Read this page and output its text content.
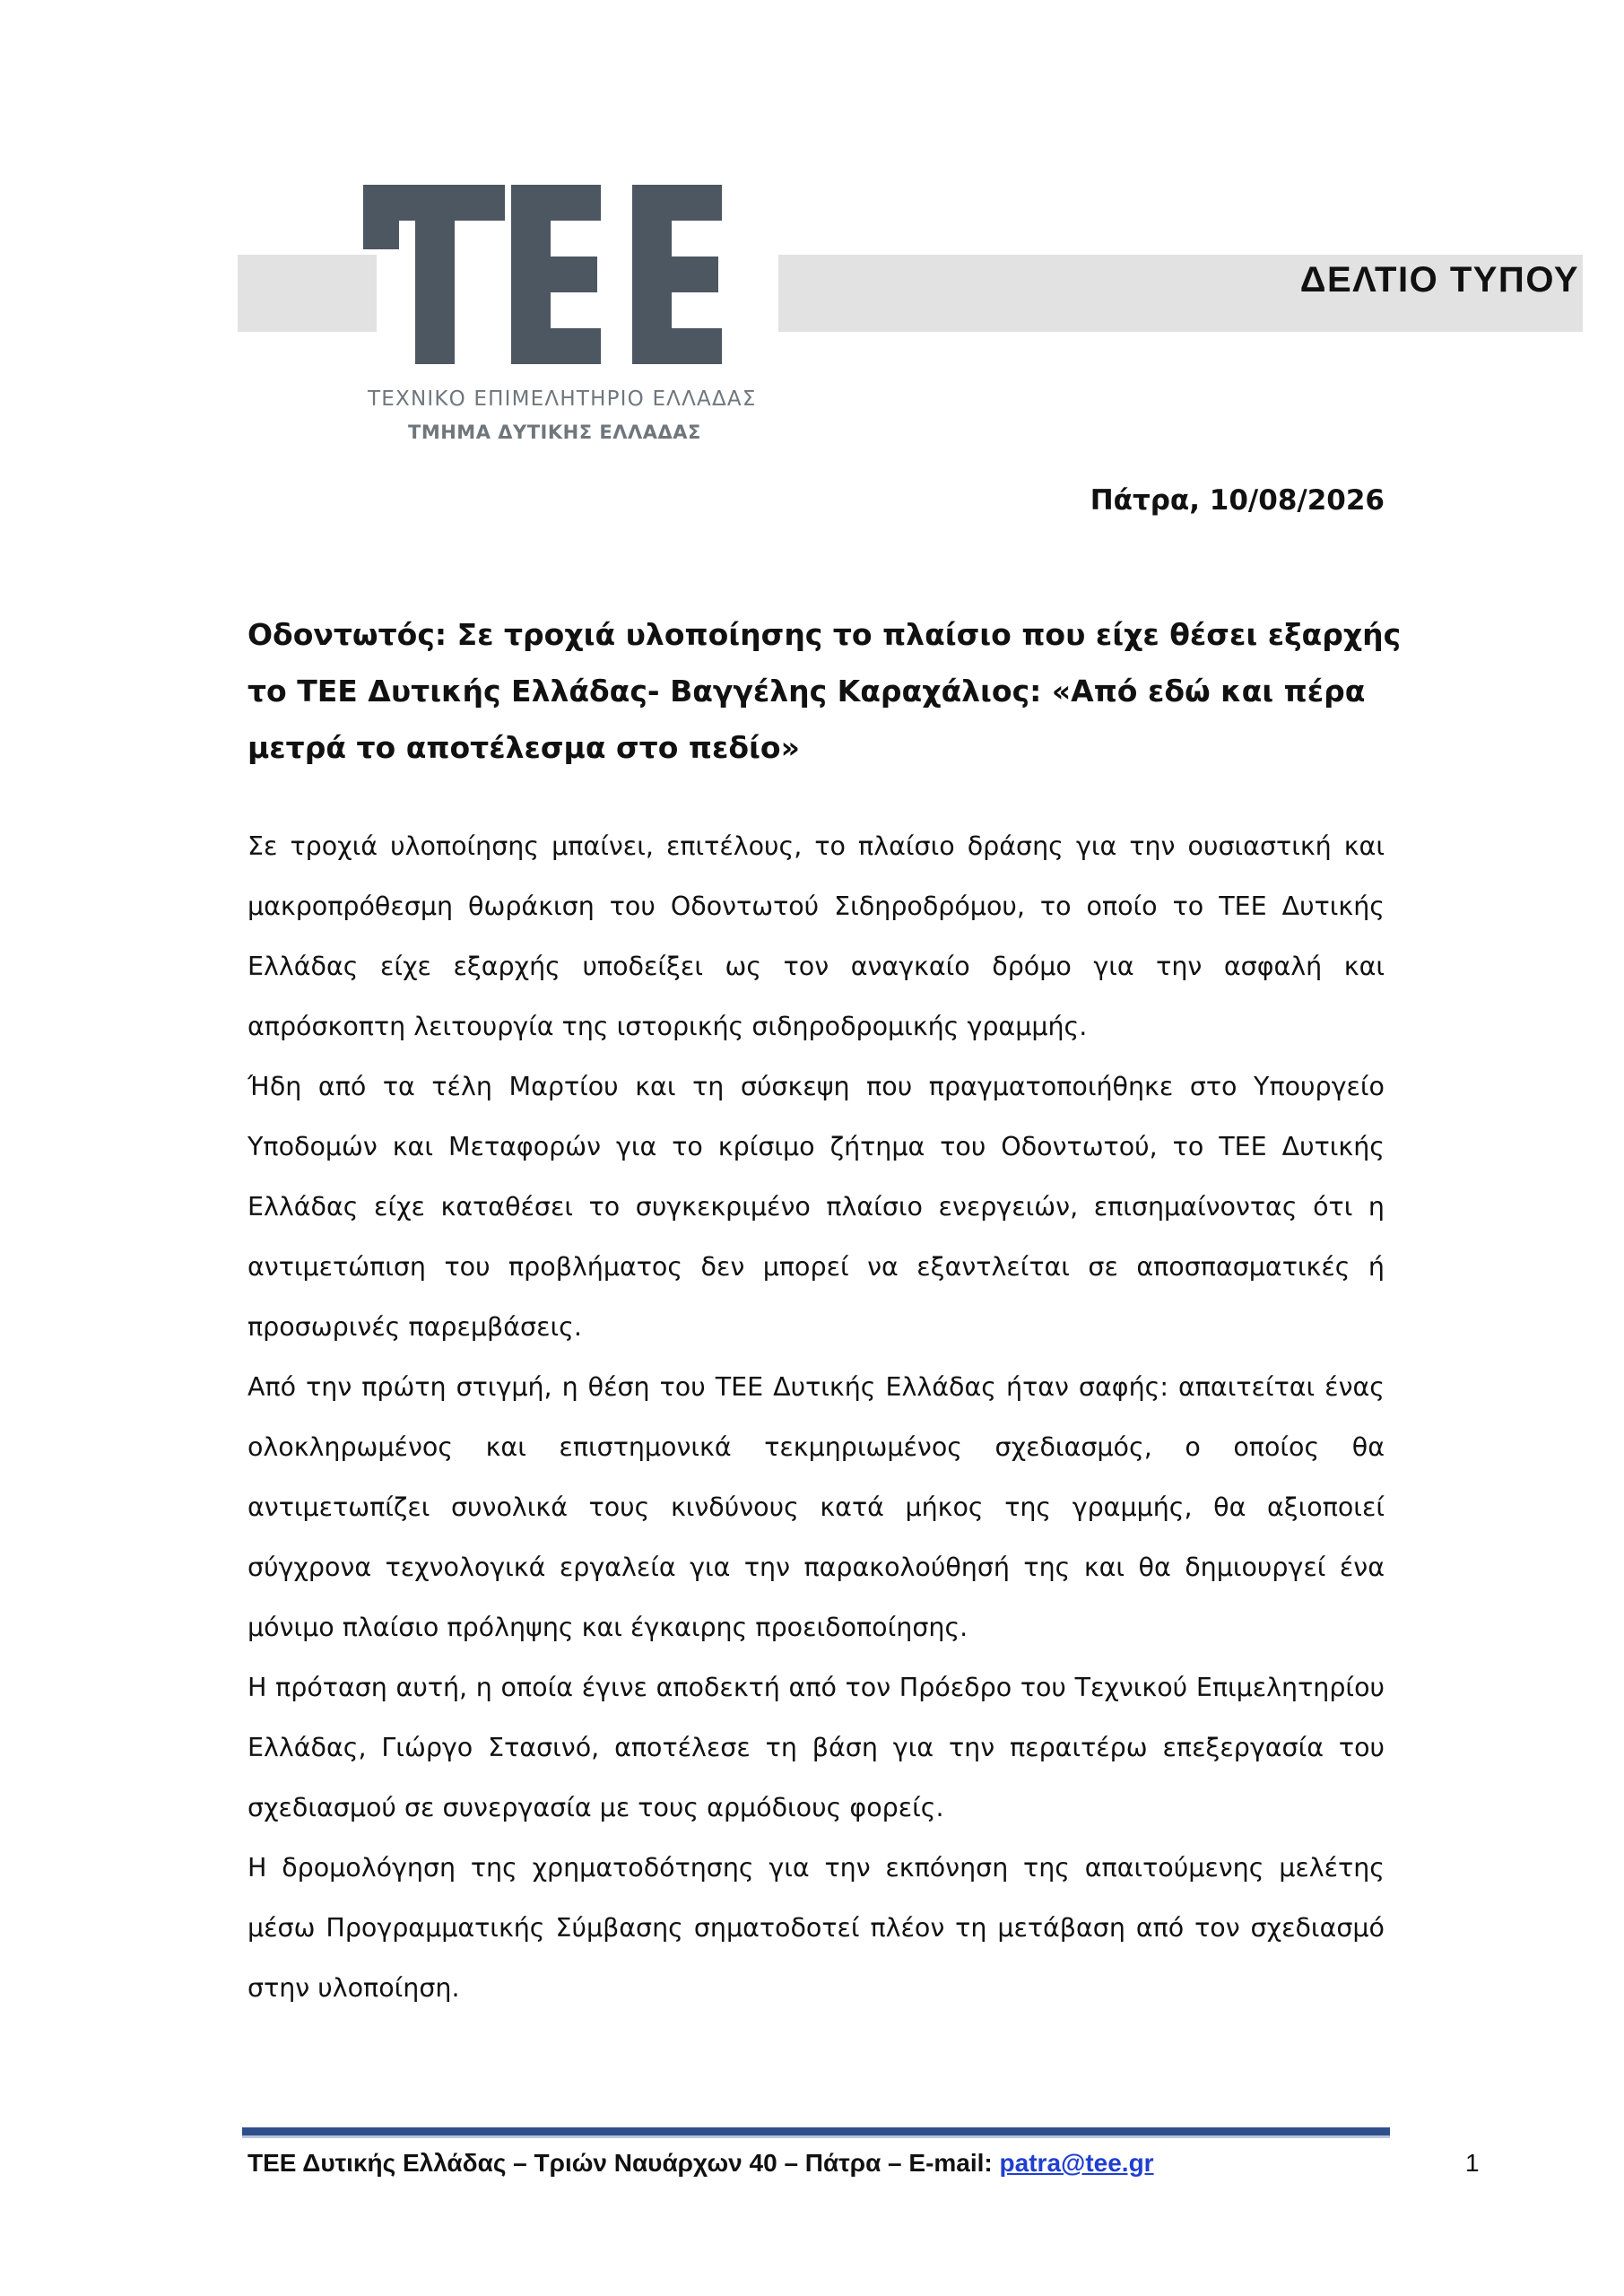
ΤΕΧΝΙΚΟ ΕΠΙΜΕΛΗΤΗΡΙΟ ΕΛΛΑΔΑΣ
ΤΜΗΜΑ ΔΥΤΙΚΗΣ ΕΛΛΑΔΑΣ
ΔΕΛΤΙΟ ΤΥΠΟΥ
Πάτρα, 10/08/2026
Οδοντωτός: Σε τροχιά υλοποίησης το πλαίσιο που είχε θέσει εξαρχής το ΤΕΕ Δυτικής Ελλάδας- Βαγγέλης Καραχάλιος: «Από εδώ και πέρα μετρά το αποτέλεσμα στο πεδίο»

Σε τροχιά υλοποίησης μπαίνει, επιτέλους, το πλαίσιο δράσης για την ουσιαστική και μακροπρόθεσμη θωράκιση του Οδοντωτού Σιδηροδρόμου, το οποίο το ΤΕΕ Δυτικής Ελλάδας είχε εξαρχής υποδείξει ως τον αναγκαίο δρόμο για την ασφαλή και απρόσκοπτη λειτουργία της ιστορικής σιδηροδρομικής γραμμής.

Ήδη από τα τέλη Μαρτίου και τη σύσκεψη που πραγματοποιήθηκε στο Υπουργείο Υποδομών και Μεταφορών για το κρίσιμο ζήτημα του Οδοντωτού, το ΤΕΕ Δυτικής Ελλάδας είχε καταθέσει το συγκεκριμένο πλαίσιο ενεργειών, επισημαίνοντας ότι η αντιμετώπιση του προβλήματος δεν μπορεί να εξαντλείται σε αποσπασματικές ή προσωρινές παρεμβάσεις.

Από την πρώτη στιγμή, η θέση του ΤΕΕ Δυτικής Ελλάδας ήταν σαφής: απαιτείται ένας ολοκληρωμένος και επιστημονικά τεκμηριωμένος σχεδιασμός, ο οποίος θα αντιμετωπίζει συνολικά τους κινδύνους κατά μήκος της γραμμής, θα αξιοποιεί σύγχρονα τεχνολογικά εργαλεία για την παρακολούθησή της και θα δημιουργεί ένα μόνιμο πλαίσιο πρόληψης και έγκαιρης προειδοποίησης.

Η πρόταση αυτή, η οποία έγινε αποδεκτή από τον Πρόεδρο του Τεχνικού Επιμελητηρίου Ελλάδας, Γιώργο Στασινό, αποτέλεσε τη βάση για την περαιτέρω επεξεργασία του σχεδιασμού σε συνεργασία με τους αρμόδιους φορείς.

Η δρομολόγηση της χρηματοδότησης για την εκπόνηση της απαιτούμενης μελέτης μέσω Προγραμματικής Σύμβασης σηματοδοτεί πλέον τη μετάβαση από τον σχεδιασμό στην υλοποίηση.

ΤΕΕ Δυτικής Ελλάδας – Τριών Ναυάρχων 40 – Πάτρα – E-mail: patra@tee.gr	1
